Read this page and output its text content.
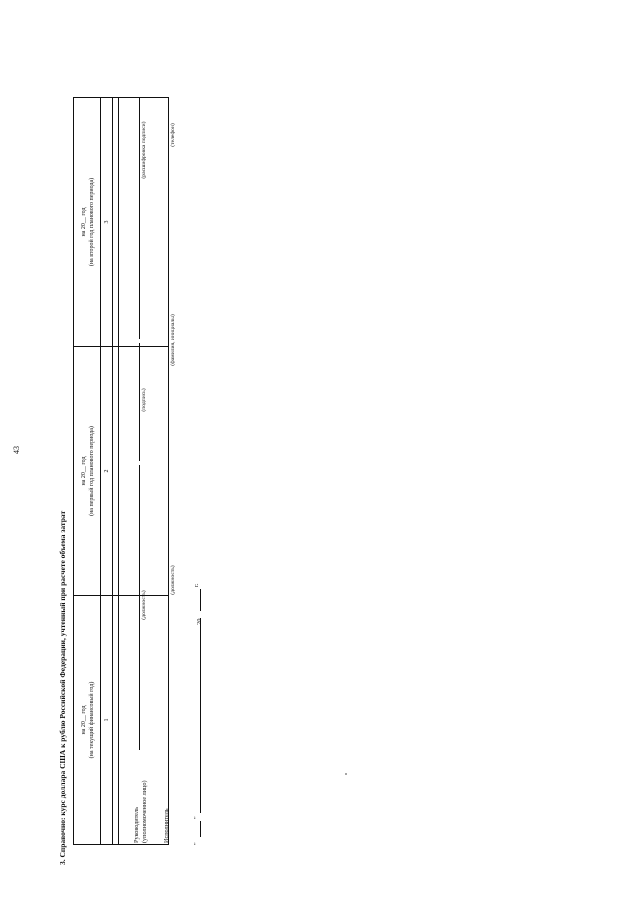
43
3. Справочно: курс доллара США к рублю Российской Федерации, учтенный при расчете объема затрат на 20__ год (на текущий финансовый год) 1
на 20__ год (на первый год планового периода) 2
на 20__ год (на второй год планового периода) 3
Руководитель (уполномоченное лицо)
(должность)
(подпись)
(расшифровка подписи)
Исполнитель
(должность)
(фамилия, инициалы)
(телефон)
"
"
20
г.
